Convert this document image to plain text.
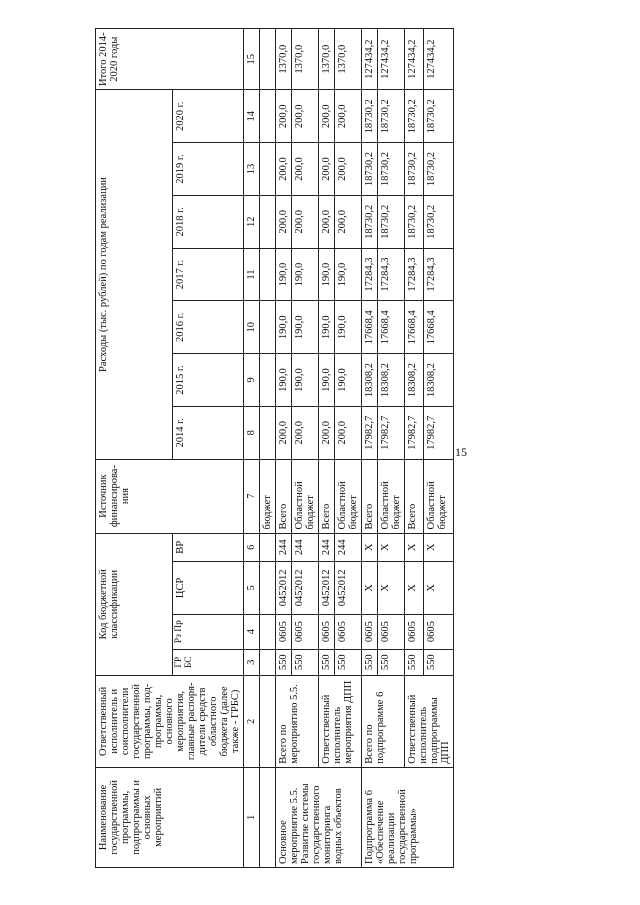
15
Наименование государственной программы, подпрограммы и основных мероприятий	Ответственный исполнитель и соисполнители государственной программы, под-программы, основного мероприятия, главные распоря-дители средств областного бюджета (далее также - ГРБС)	Код бюджетной классификации				Источник финансирова-ния	Расходы (тыс. рублей) по годам реализации							Итого 2014-2020 годы
		ГР БС	Рз Пр	ЦСР	ВР		2014 г.	2015 г.	2016 г.	2017 г.	2018 г.	2019 г.	2020 г.	
1	2	3	4	5	6	7	8	9	10	11	12	13	14	15
						бюджет								
Основное мероприятие 5.5. Развитие системы государственного мониторинга водных объектов	Всего по мероприятию 5.5.	550	0605	0452012	244	Всего	200,0	190,0	190,0	190,0	200,0	200,0	200,0	1370,0
		550	0605	0452012	244	Областной бюджет	200,0	190,0	190,0	190,0	200,0	200,0	200,0	1370,0
	Ответственный исполнитель мероприятия ДПП	550	0605	0452012	244	Всего	200,0	190,0	190,0	190,0	200,0	200,0	200,0	1370,0
		550	0605	0452012	244	Областной бюджет	200,0	190,0	190,0	190,0	200,0	200,0	200,0	1370,0
Подпрограмма 6 «Обеспечение реализации государственной программы»	Всего по подпрограмме 6	550	0605	X	X	Всего	17982,7	18308,2	17668,4	17284,3	18730,2	18730,2	18730,2	127434,2
		550	0605	X	X	Областной бюджет	17982,7	18308,2	17668,4	17284,3	18730,2	18730,2	18730,2	127434,2
	Ответственный исполнитель подпрограммы ДПП	550	0605	X	X	Всего	17982,7	18308,2	17668,4	17284,3	18730,2	18730,2	18730,2	127434,2
		550	0605	X	X	Областной бюджет	17982,7	18308,2	17668,4	17284,3	18730,2	18730,2	18730,2	127434,2
